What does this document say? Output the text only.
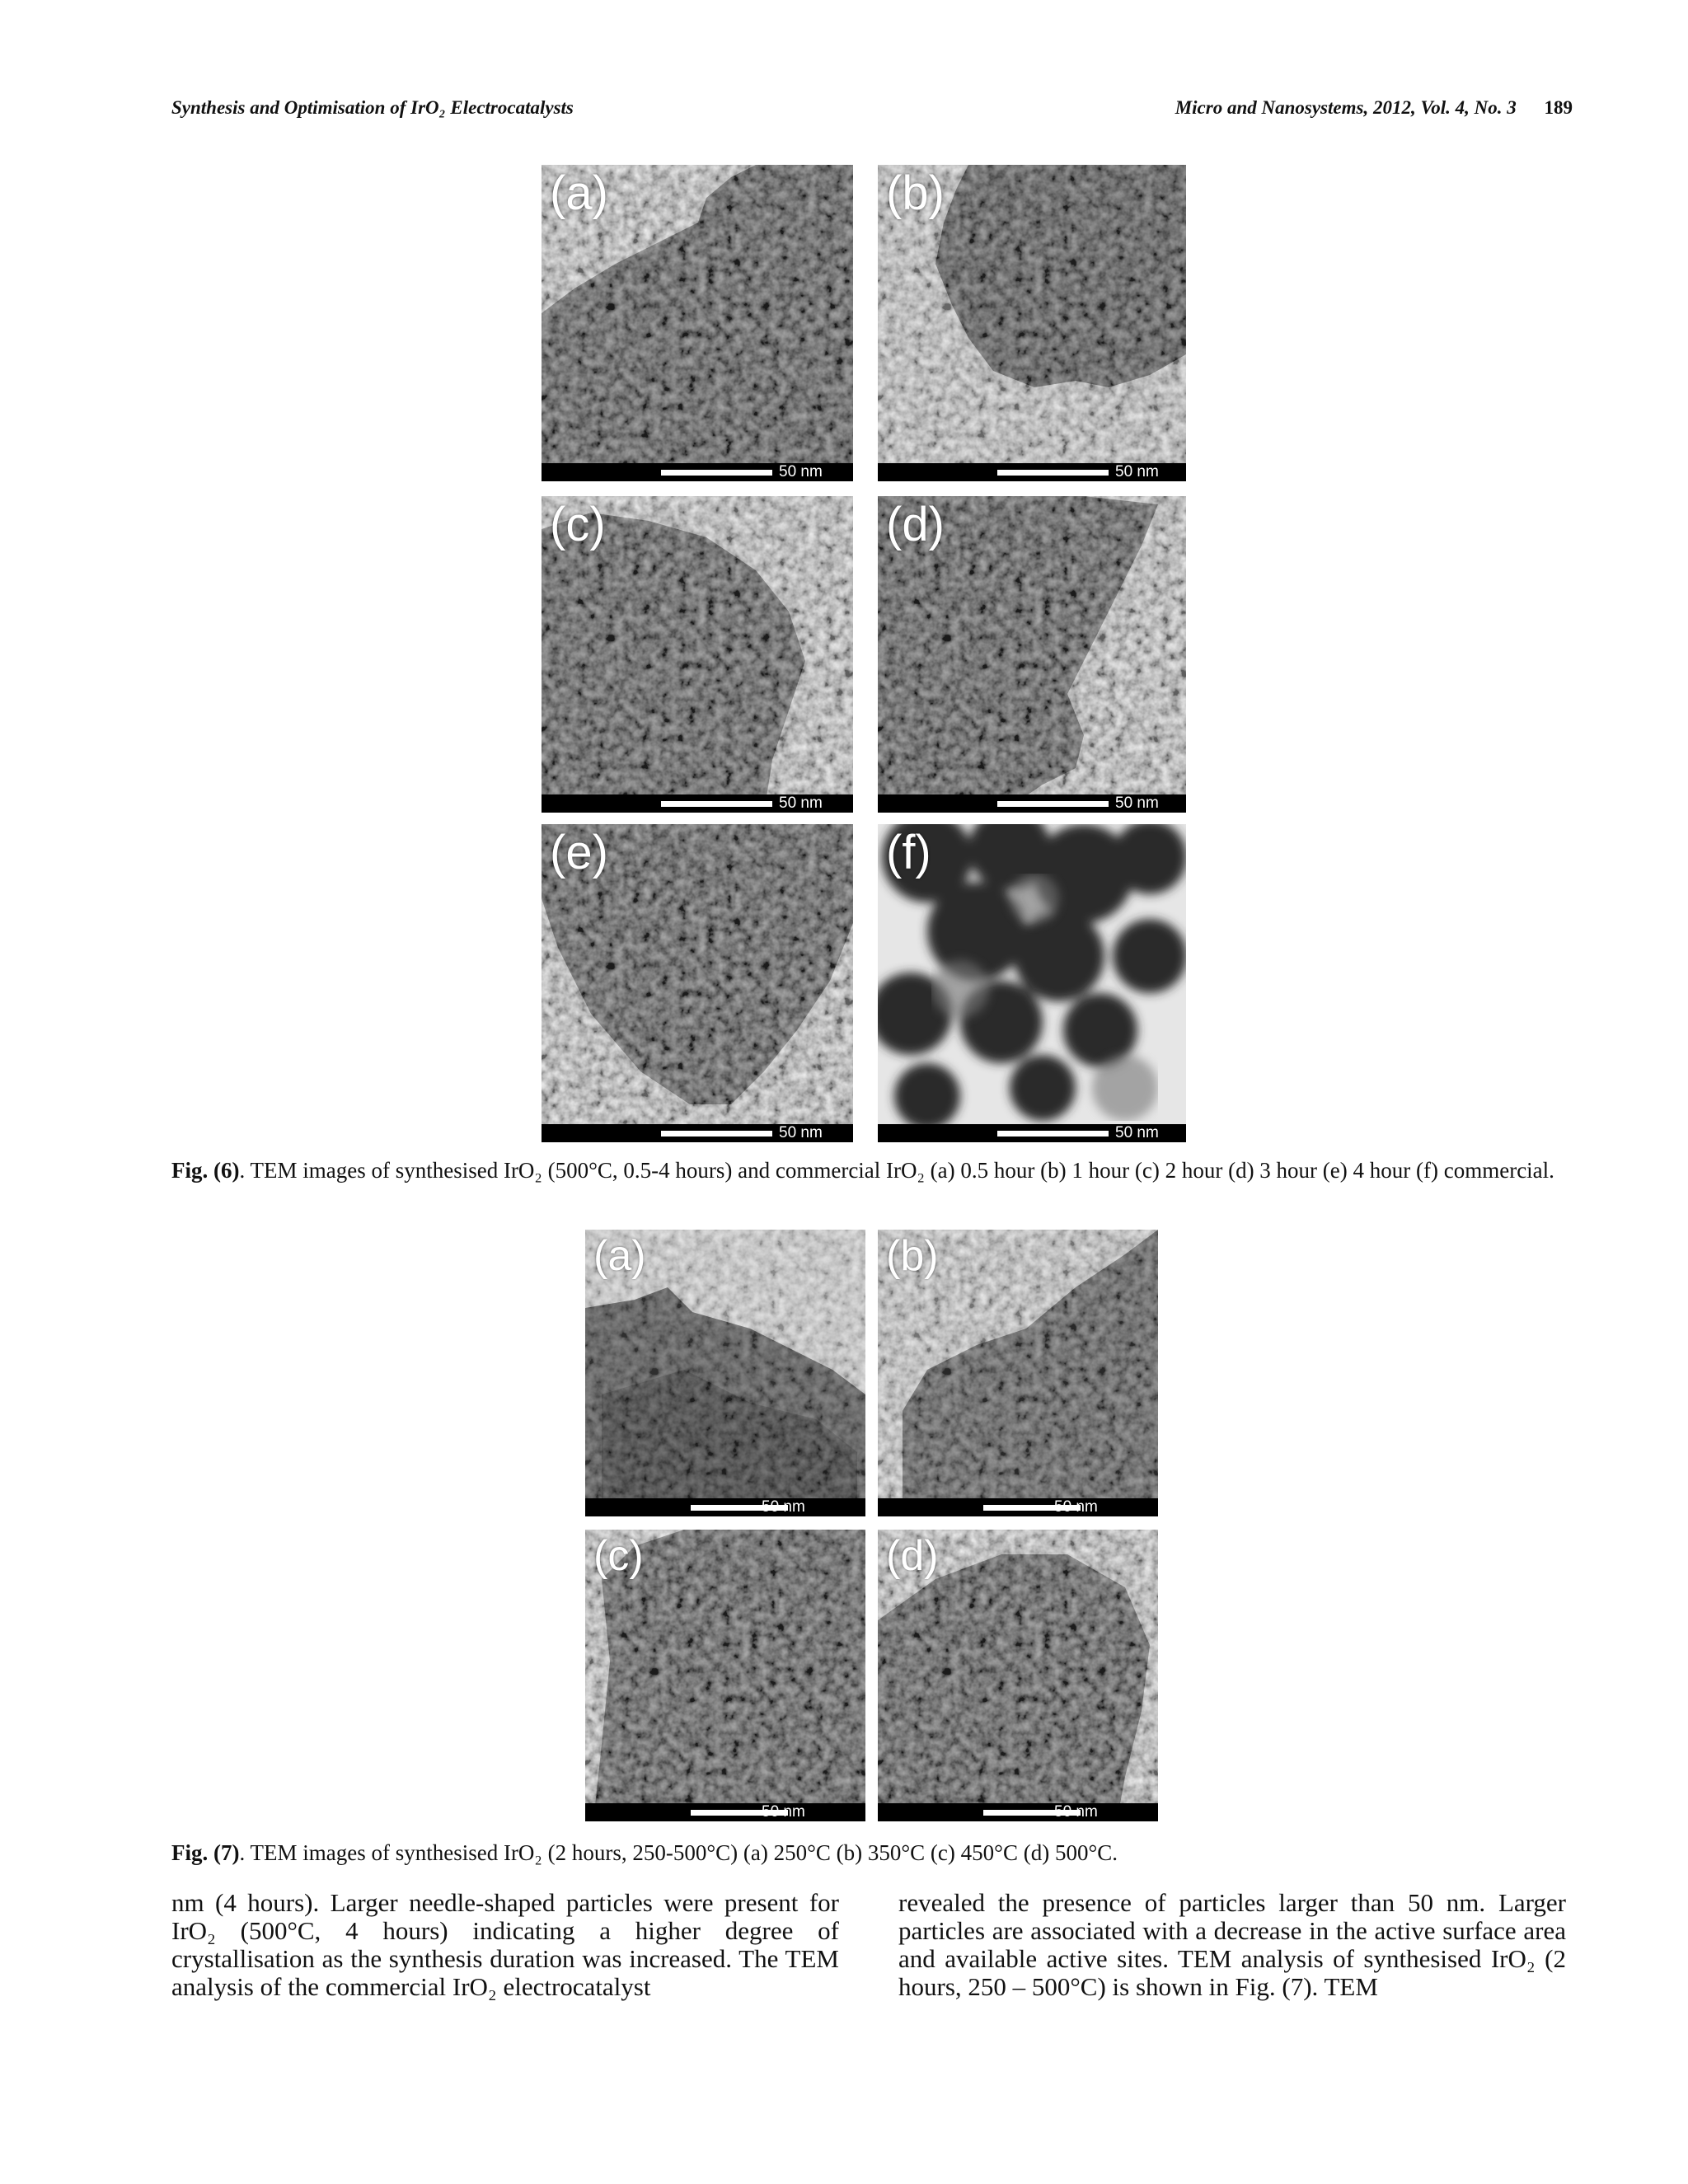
Synthesis and Optimisation of IrO₂ Electrocatalysts	Micro and Nanosystems, 2012, Vol. 4, No. 3 189
(a)
50 nm
(b)
50 nm
(c)
50 nm
(d)
50 nm
(e)
50 nm
(f)
50 nm
Fig. (6). TEM images of synthesised IrO₂ (500°C, 0.5-4 hours) and commercial IrO₂ (a) 0.5 hour (b) 1 hour (c) 2 hour (d) 3 hour (e) 4 hour (f) commercial.
(a)
50 nm
(b)
50 nm
(c)
50 nm
(d)
50 nm
Fig. (7). TEM images of synthesised IrO₂ (2 hours, 250-500°C) (a) 250°C (b) 350°C (c) 450°C (d) 500°C.

nm (4 hours). Larger needle-shaped particles were present for IrO₂ (500°C, 4 hours) indicating a higher degree of crystallisation as the synthesis duration was increased. The TEM analysis of the commercial IrO₂ electrocatalyst

revealed the presence of particles larger than 50 nm. Larger particles are associated with a decrease in the active surface area and available active sites. TEM analysis of synthesised IrO₂ (2 hours, 250 – 500°C) is shown in Fig. (7). TEM
